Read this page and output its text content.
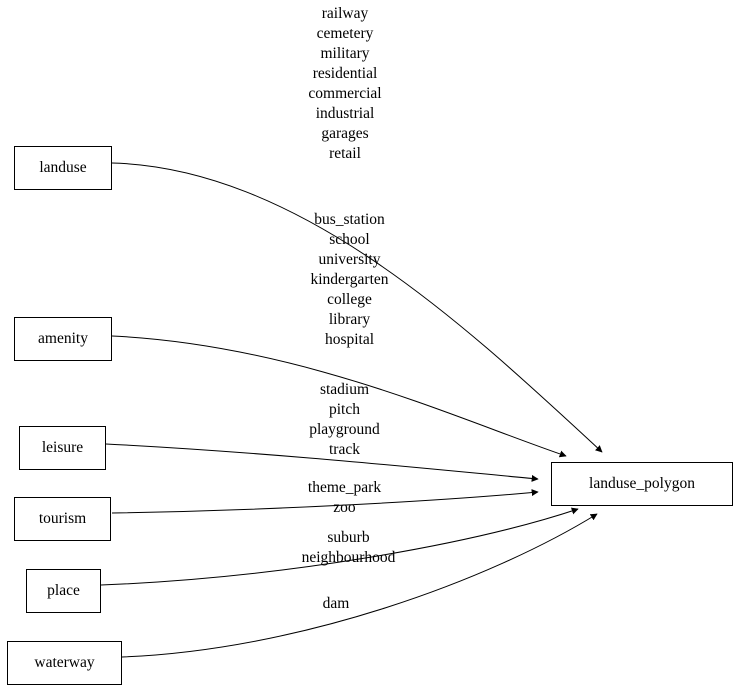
landuse
amenity
leisure
tourism
place
waterway
landuse_polygon
railway
cemetery
military
residential
commercial
industrial
garages
retail
bus_station
school
university
kindergarten
college
library
hospital
stadium
pitch
playground
track
theme_park
zoo
suburb
neighbourhood
dam
